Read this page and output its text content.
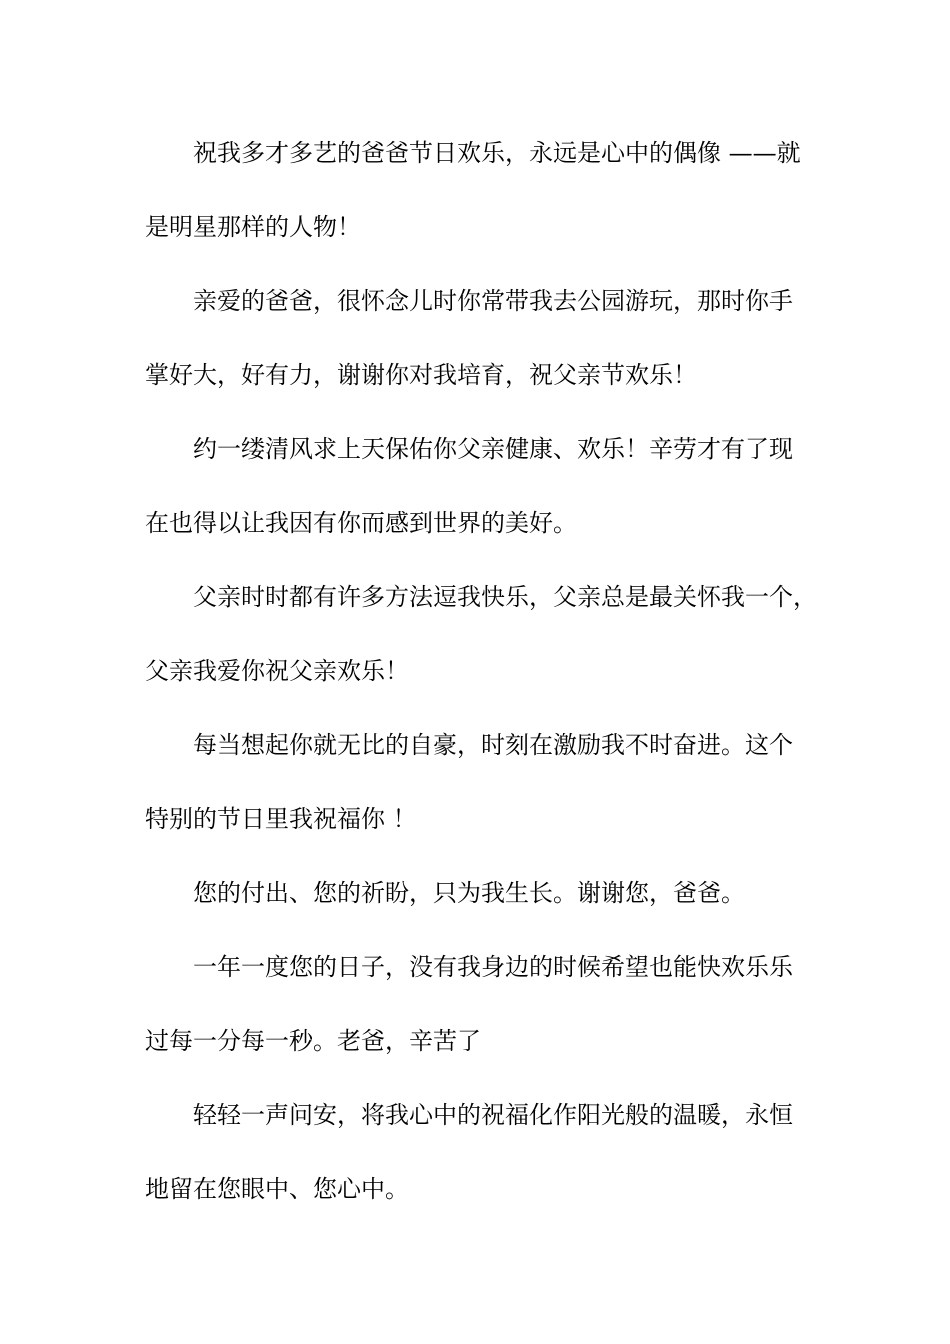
祝我多才多艺的爸爸节日欢乐，永远是心中的偶像 ——就

是明星那样的人物！

亲爱的爸爸，很怀念儿时你常带我去公园游玩，那时你手

掌好大，好有力，谢谢你对我培育，祝父亲节欢乐！

约一缕清风求上天保佑你父亲健康、欢乐！辛劳才有了现

在也得以让我因有你而感到世界的美好。

父亲时时都有许多方法逗我快乐，父亲总是最关怀我一个，

父亲我爱你祝父亲欢乐！

每当想起你就无比的自豪，时刻在激励我不时奋进。这个

特别的节日里我祝福你 ！

您的付出、您的祈盼，只为我生长。谢谢您，爸爸。

一年一度您的日子，没有我身边的时候希望也能快欢乐乐

过每一分每一秒。老爸，辛苦了

轻轻一声问安，将我心中的祝福化作阳光般的温暖，永恒

地留在您眼中、您心中。
